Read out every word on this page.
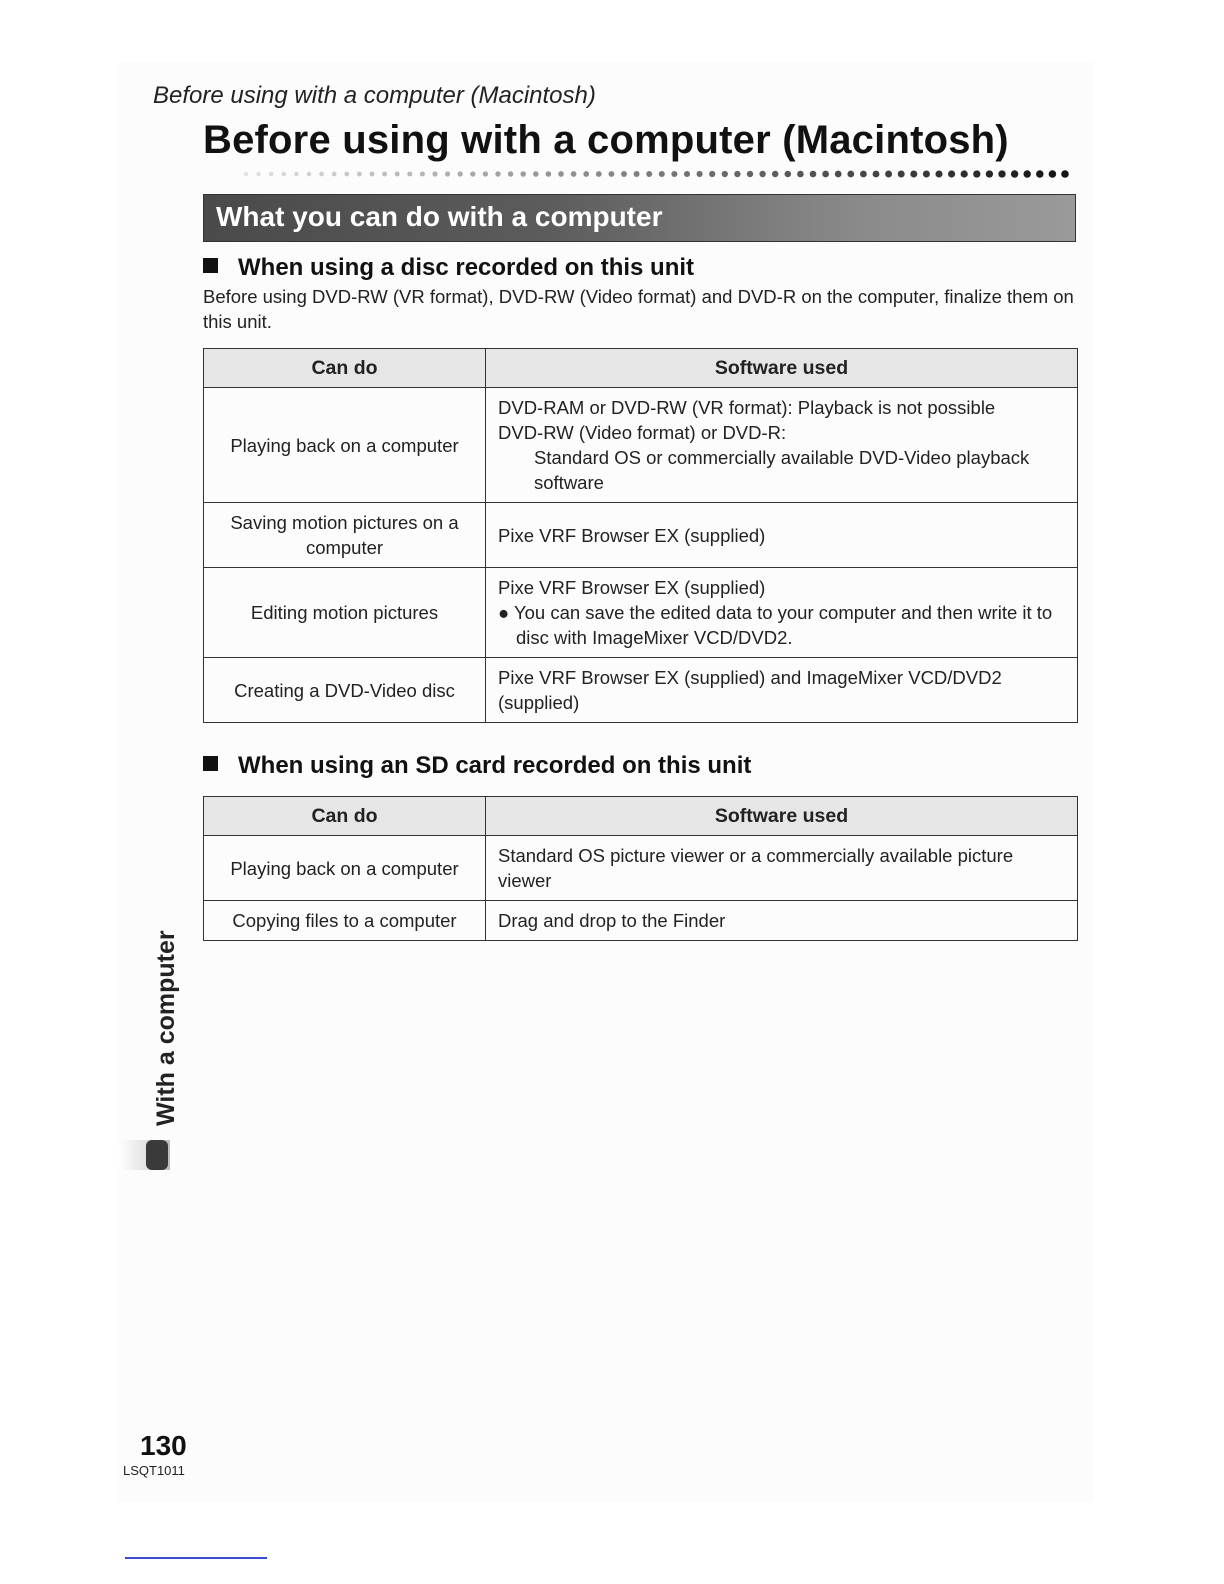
Before using with a computer (Macintosh)
Before using with a computer (Macintosh)
What you can do with a computer
When using a disc recorded on this unit
Before using DVD-RW (VR format), DVD-RW (Video format) and DVD-R on the computer, finalize them on this unit.
Can do	Software used
Playing back on a computer	DVD-RAM or DVD-RW (VR format): Playback is not possible
DVD-RW (Video format) or DVD-R:
Standard OS or commercially available DVD-Video playback software

Saving motion pictures on a computer	Pixe VRF Browser EX (supplied)
Editing motion pictures	Pixe VRF Browser EX (supplied)
● You can save the edited data to your computer and then write it to disc with ImageMixer VCD/DVD2.

Creating a DVD-Video disc	Pixe VRF Browser EX (supplied) and ImageMixer VCD/DVD2 (supplied)
When using an SD card recorded on this unit
Can do	Software used
Playing back on a computer	Standard OS picture viewer or a commercially available picture viewer
Copying files to a computer	Drag and drop to the Finder
With a computer
130
LSQT1011
